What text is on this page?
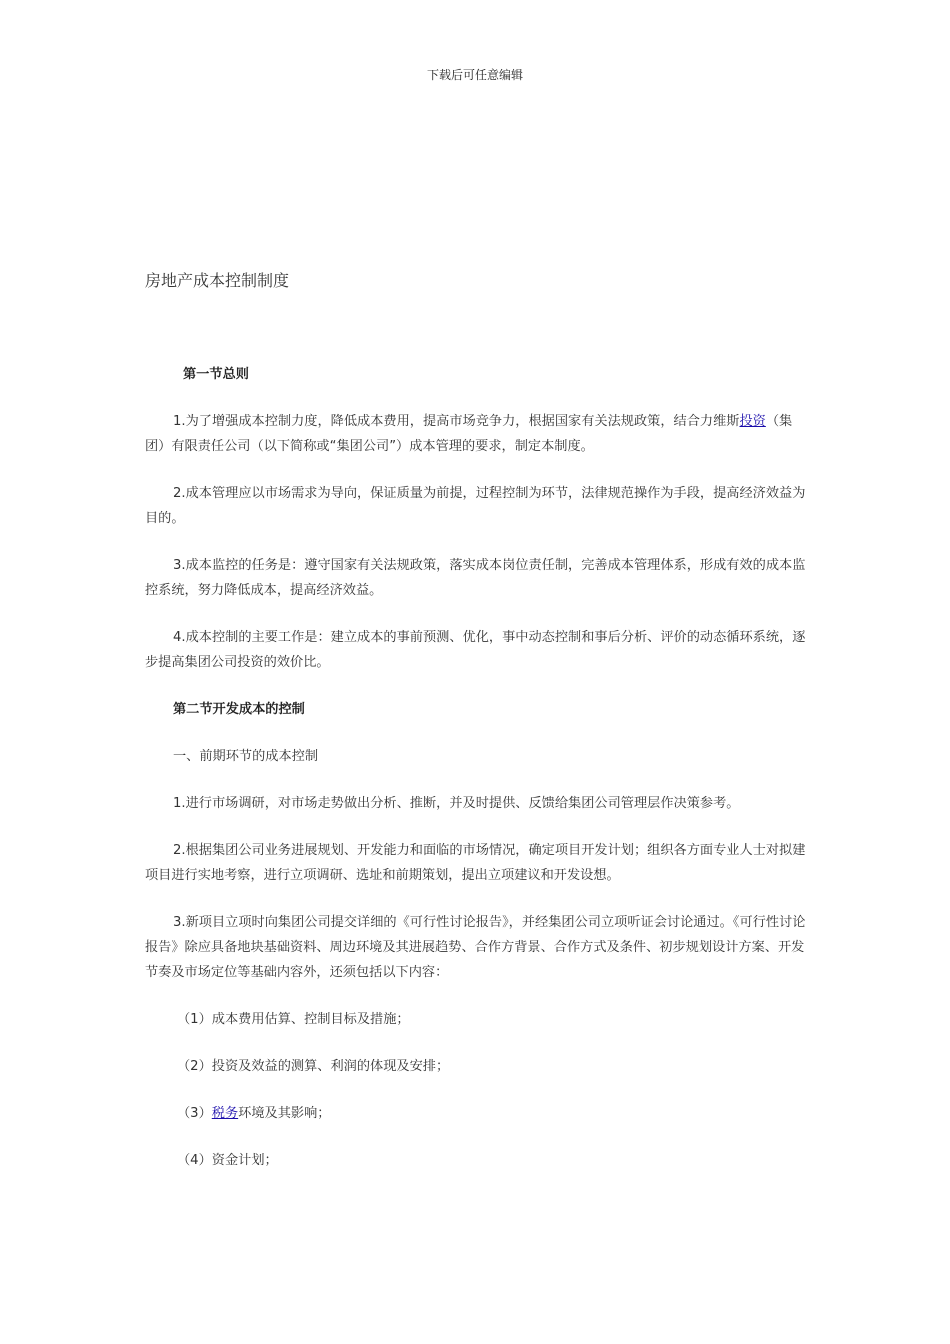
下载后可任意编辑
房地产成本控制制度

第一节总则

1.为了增强成本控制力度，降低成本费用，提高市场竞争力，根据国家有关法规政策，结合力维斯投资（集团）有限责任公司（以下简称或“集团公司”）成本管理的要求，制定本制度。

2.成本管理应以市场需求为导向，保证质量为前提，过程控制为环节，法律规范操作为手段，提高经济效益为目的。

3.成本监控的任务是：遵守国家有关法规政策，落实成本岗位责任制，完善成本管理体系，形成有效的成本监控系统，努力降低成本，提高经济效益。

4.成本控制的主要工作是：建立成本的事前预测、优化，事中动态控制和事后分析、评价的动态循环系统，逐步提高集团公司投资的效价比。

第二节开发成本的控制

一、前期环节的成本控制

1.进行市场调研，对市场走势做出分析、推断，并及时提供、反馈给集团公司管理层作决策参考。

2.根据集团公司业务进展规划、开发能力和面临的市场情况，确定项目开发计划；组织各方面专业人士对拟建项目进行实地考察，进行立项调研、选址和前期策划，提出立项建议和开发设想。

3.新项目立项时向集团公司提交详细的《可行性讨论报告》，并经集团公司立项听证会讨论通过。《可行性讨论报告》除应具备地块基础资料、周边环境及其进展趋势、合作方背景、合作方式及条件、初步规划设计方案、开发节奏及市场定位等基础内容外，还须包括以下内容：

（1）成本费用估算、控制目标及措施；

（2）投资及效益的测算、利润的体现及安排；

（3）税务环境及其影响；

（4）资金计划；
